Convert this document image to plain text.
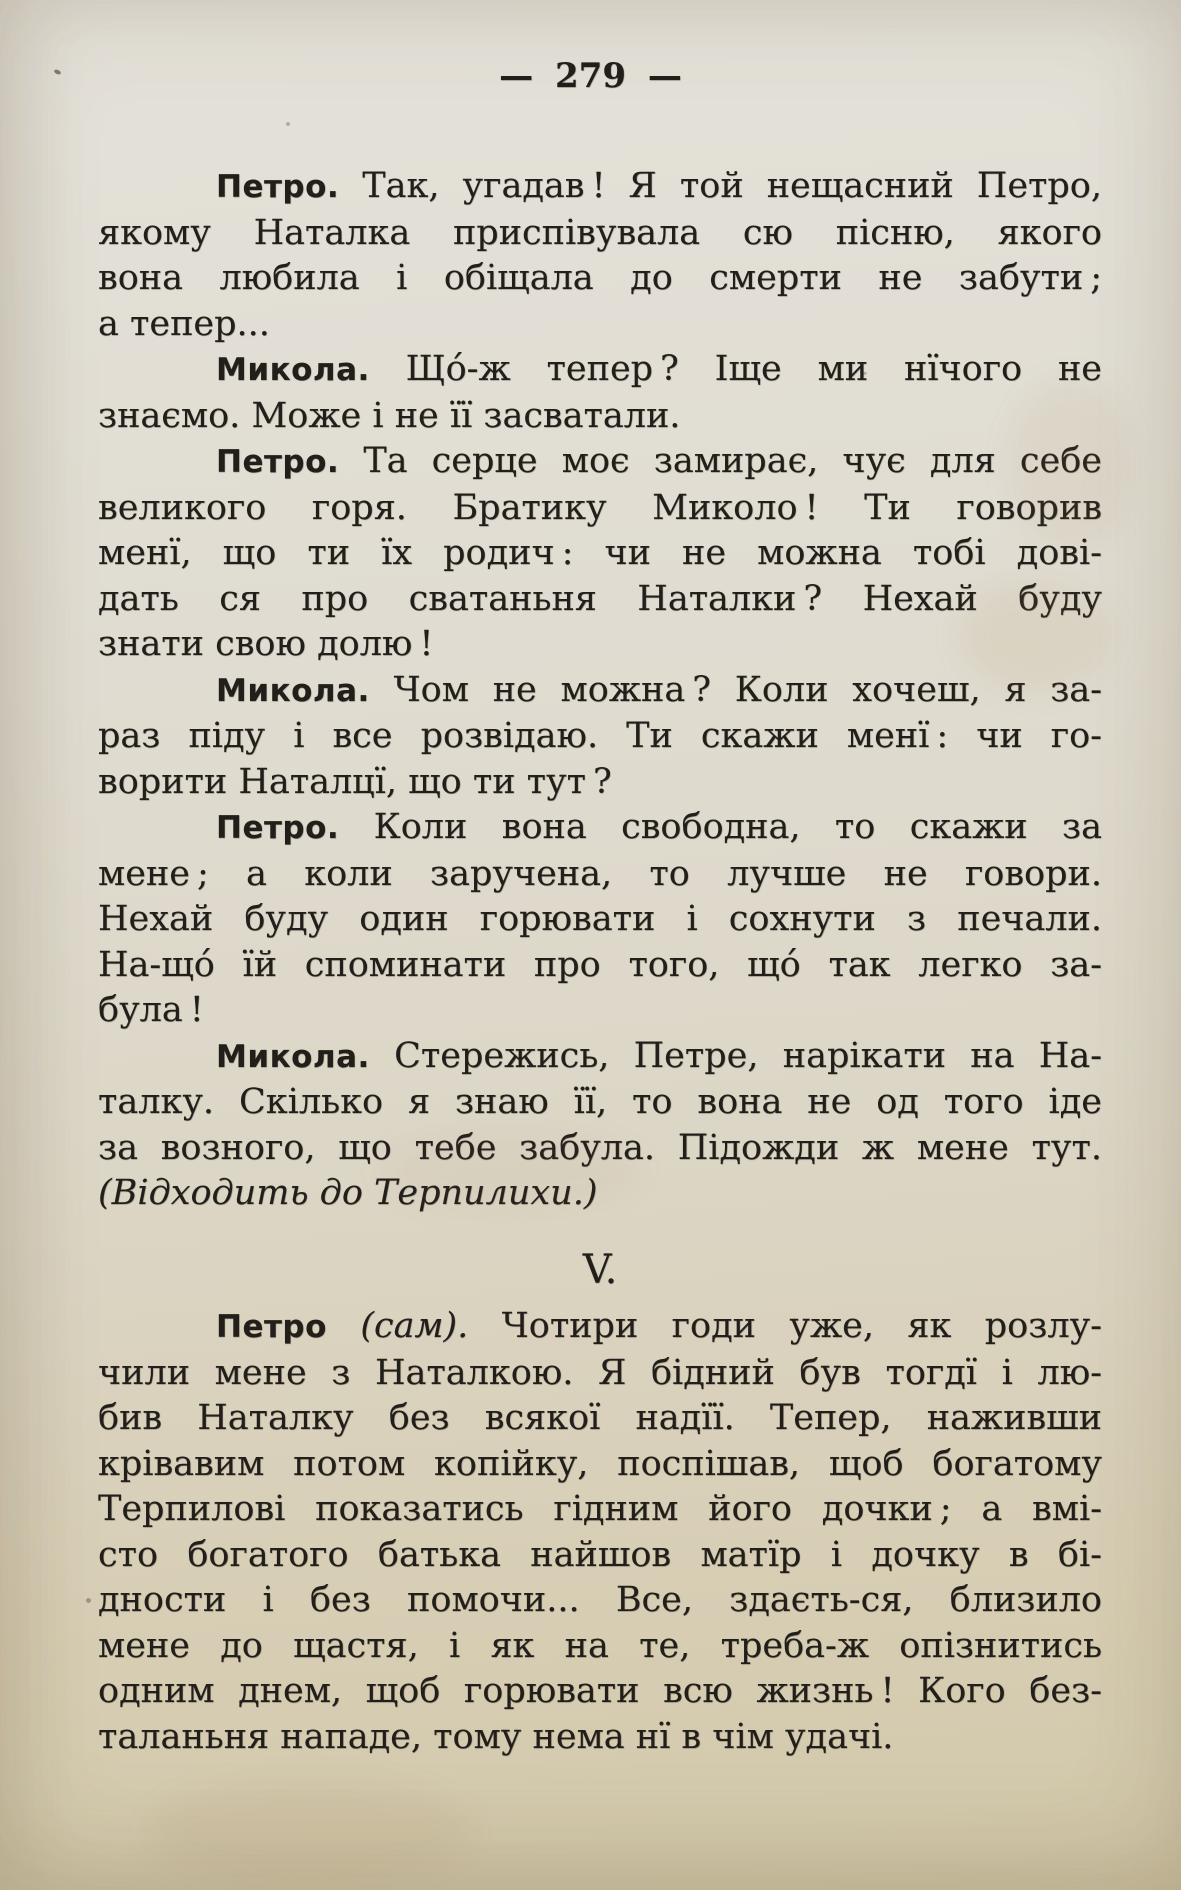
— 279 —
Петро. Так, угадав ! Я той нещасний Петро,
якому Наталка приспівувала сю пісню, якого
вона любила і обіщала до смерти не забути ;
а тепер...
Микола. Що́-ж тепер ? Іще ми нїчого не
знаємо. Може і не її засватали.
Петро. Та серце моє замирає, чує для себе
великого горя. Братику Миколо ! Ти говорив
менї, що ти їх родич : чи не можна тобі дові-
дать ся про сватаньня Наталки ? Нехай буду
знати свою долю !
Микола. Чом не можна ? Коли хочеш, я за-
раз піду і все розвідаю. Ти скажи менї : чи го-
ворити Наталцї, що ти тут ?
Петро. Коли вона свободна, то скажи за
мене ; а коли заручена, то лучше не говори.
Нехай буду один горювати і сохнути з печали.
На-що́ їй споминати про того, що́ так легко за-
була !
Микола. Стережись, Петре, нарікати на На-
талку. Скілько я знаю її, то вона не од того іде
за возного, що тебе забула. Підожди ж мене тут.
(Відходить до Терпилихи.)
V.
Петро (сам). Чотири годи уже, як розлу-
чили мене з Наталкою. Я бідний був тогдї і лю-
бив Наталку без всякої надїї. Тепер, наживши
крівавим потом копійку, поспішав, щоб богатому
Терпилові показатись гідним його дочки ; а вмі-
сто богатого батька найшов матїр і дочку в бі-
дности і без помочи... Все, здаєть-ся, близило
мене до щастя, і як на те, треба-ж опізнитись
одним днем, щоб горювати всю жизнь ! Кого без-
таланьня нападе, тому нема нї в чім удачі.
